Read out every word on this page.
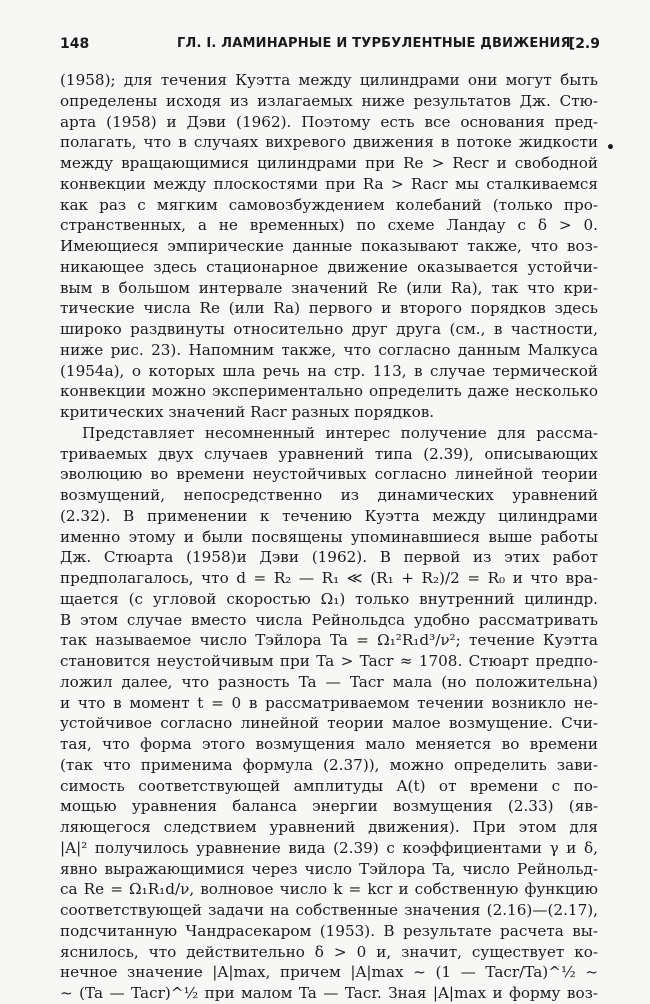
148	ГЛ. I. ЛАМИНАРНЫЕ И ТУРБУЛЕНТНЫЕ ДВИЖЕНИЯ
[2.9
•
(1958); для течения Куэтта между цилиндрами они могут быть
определены исходя из излагаемых ниже результатов Дж. Стю-
арта (1958) и Дэви (1962). Поэтому есть все основания пред-
полагать, что в случаях вихревого движения в потоке жидкости
между вращающимися цилиндрами при Re > Reсr и свободной
конвекции между плоскостями при Ra > Raсr мы сталкиваемся
как раз с мягким самовозбуждением колебаний (только про-
странственных, а не временных) по схеме Ландау с δ > 0.
Имеющиеся эмпирические данные показывают также, что воз-
никающее здесь стационарное движение оказывается устойчи-
вым в большом интервале значений Re (или Ra), так что кри-
тические числа Re (или Ra) первого и второго порядков здесь
широко раздвинуты относительно друг друга (см., в частности,
ниже рис. 23). Напомним также, что согласно данным Малкуса
(1954a), о которых шла речь на стр. 113, в случае термической
конвекции можно экспериментально определить даже несколько
критических значений Raсr разных порядков.
Представляет несомненный интерес получение для рассма-
триваемых двух случаев уравнений типа (2.39), описывающих
эволюцию во времени неустойчивых согласно линейной теории
возмущений, непосредственно из динамических уравнений
(2.32). В применении к течению Куэтта между цилиндрами
именно этому и были посвящены упоминавшиеся выше работы
Дж. Стюарта (1958)и Дэви (1962). В первой из этих работ
предполагалось, что d = R₂ — R₁ ≪ (R₁ + R₂)/2 = R₀ и что вра-
щается (с угловой скоростью Ω₁) только внутренний цилиндр.
В этом случае вместо числа Рейнольдса удобно рассматривать
так называемое число Тэйлора Ta = Ω₁²R₁d³/ν²; течение Куэтта
становится неустойчивым при Ta > Taсr ≈ 1708. Стюарт предпо-
ложил далее, что разность Ta — Taсr мала (но положительна)
и что в момент t = 0 в рассматриваемом течении возникло не-
устойчивое согласно линейной теории малое возмущение. Счи-
тая, что форма этого возмущения мало меняется во времени
(так что применима формула (2.37)), можно определить зави-
симость соответствующей амплитуды A(t) от времени с по-
мощью уравнения баланса энергии возмущения (2.33) (яв-
ляющегося следствием уравнений движения). При этом для
|A|² получилось уравнение вида (2.39) с коэффициентами γ и δ,
явно выражающимися через число Тэйлора Ta, число Рейнольд-
са Re = Ω₁R₁d/ν, волновое число k = kсr и собственную функцию
соответствующей задачи на собственные значения (2.16)—(2.17),
подсчитанную Чандрасекаром (1953). В результате расчета вы-
яснилось, что действительно δ > 0 и, значит, существует ко-
нечное значение |A|max, причем |A|max ~ (1 — Taсr/Ta)^½ ~
~ (Ta — Taсr)^½ при малом Ta — Taсr. Зная |A|max и форму воз-
